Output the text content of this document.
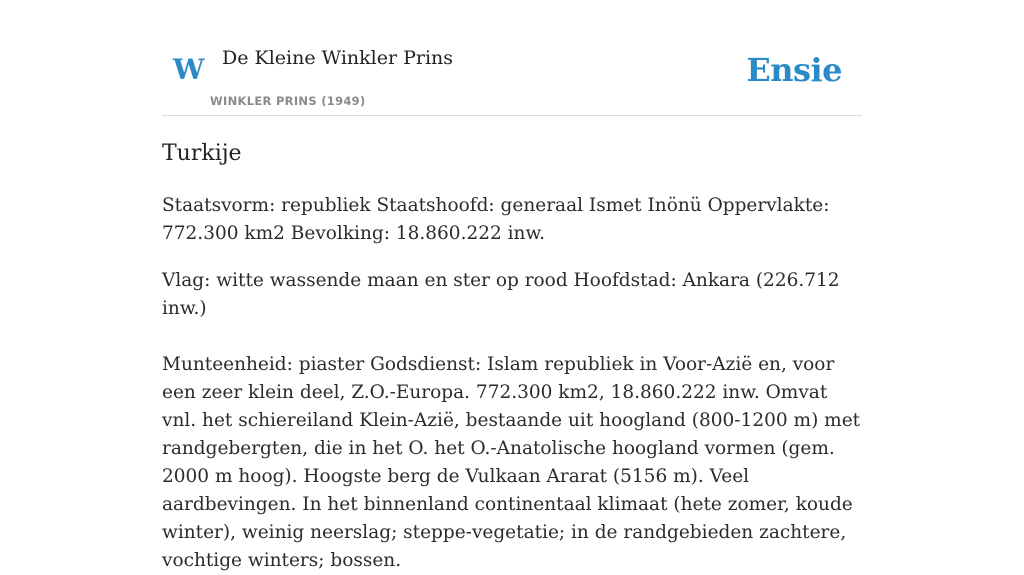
W De Kleine Winkler Prins
WINKLER PRINS (1949)
Ensie
Turkije

Staatsvorm: republiek Staatshoofd: generaal Ismet Inönü Oppervlakte: 772.300 km2 Bevolking: 18.860.222 inw.

Vlag: witte wassende maan en ster op rood Hoofdstad: Ankara (226.712 inw.)

Munteenheid: piaster Godsdienst: Islam republiek in Voor-Azië en, voor een zeer klein deel, Z.O.-Europa. 772.300 km2, 18.860.222 inw. Omvat vnl. het schiereiland Klein-Azië, bestaande uit hoogland (800-1200 m) met randgebergten, die in het O. het O.-Anatolische hoogland vormen (gem. 2000 m hoog). Hoogste berg de Vulkaan Ararat (5156 m). Veel aardbevingen. In het binnenland continentaal klimaat (hete zomer, koude winter), weinig neerslag; steppe-vegetatie; in de randgebieden zachtere, vochtige winters; bossen.
